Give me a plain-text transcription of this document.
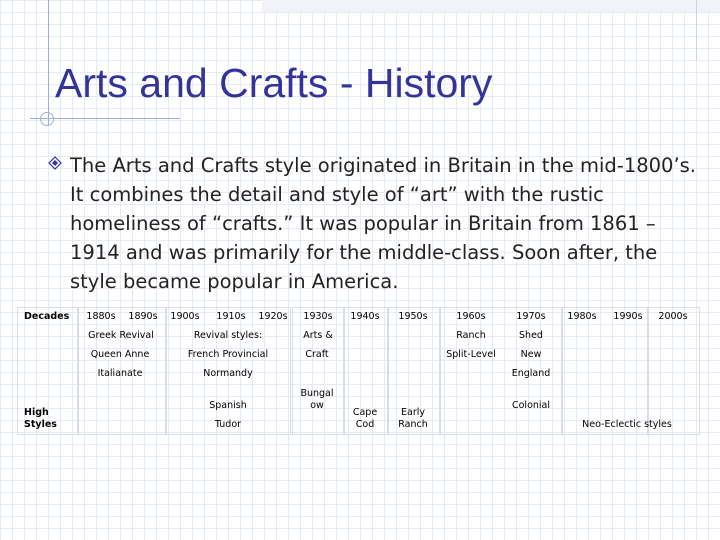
Arts and Crafts - History
The Arts and Crafts style originated in Britain in the mid-1800’s. It combines the detail and style of “art” with the rustic homeliness of “crafts.” It was popular in Britain from 1861 – 1914 and was primarily for the middle-class. Soon after, the style became popular in America.
Decades 1880s 1890s 1900s 1910s 1920s 1930s 1940s 1950s	1960s	1970s 1980s 1990s 2000s
High
Styles
Greek Revival
Queen Anne
Italianate
Revival styles:
French Provincial
Normandy
Spanish
Tudor
Arts &
Craft
Bungal
ow
Cape
Cod
Early
Ranch
Ranch
Split-Level
Shed
New
England
Colonial
Neo-Eclectic styles
